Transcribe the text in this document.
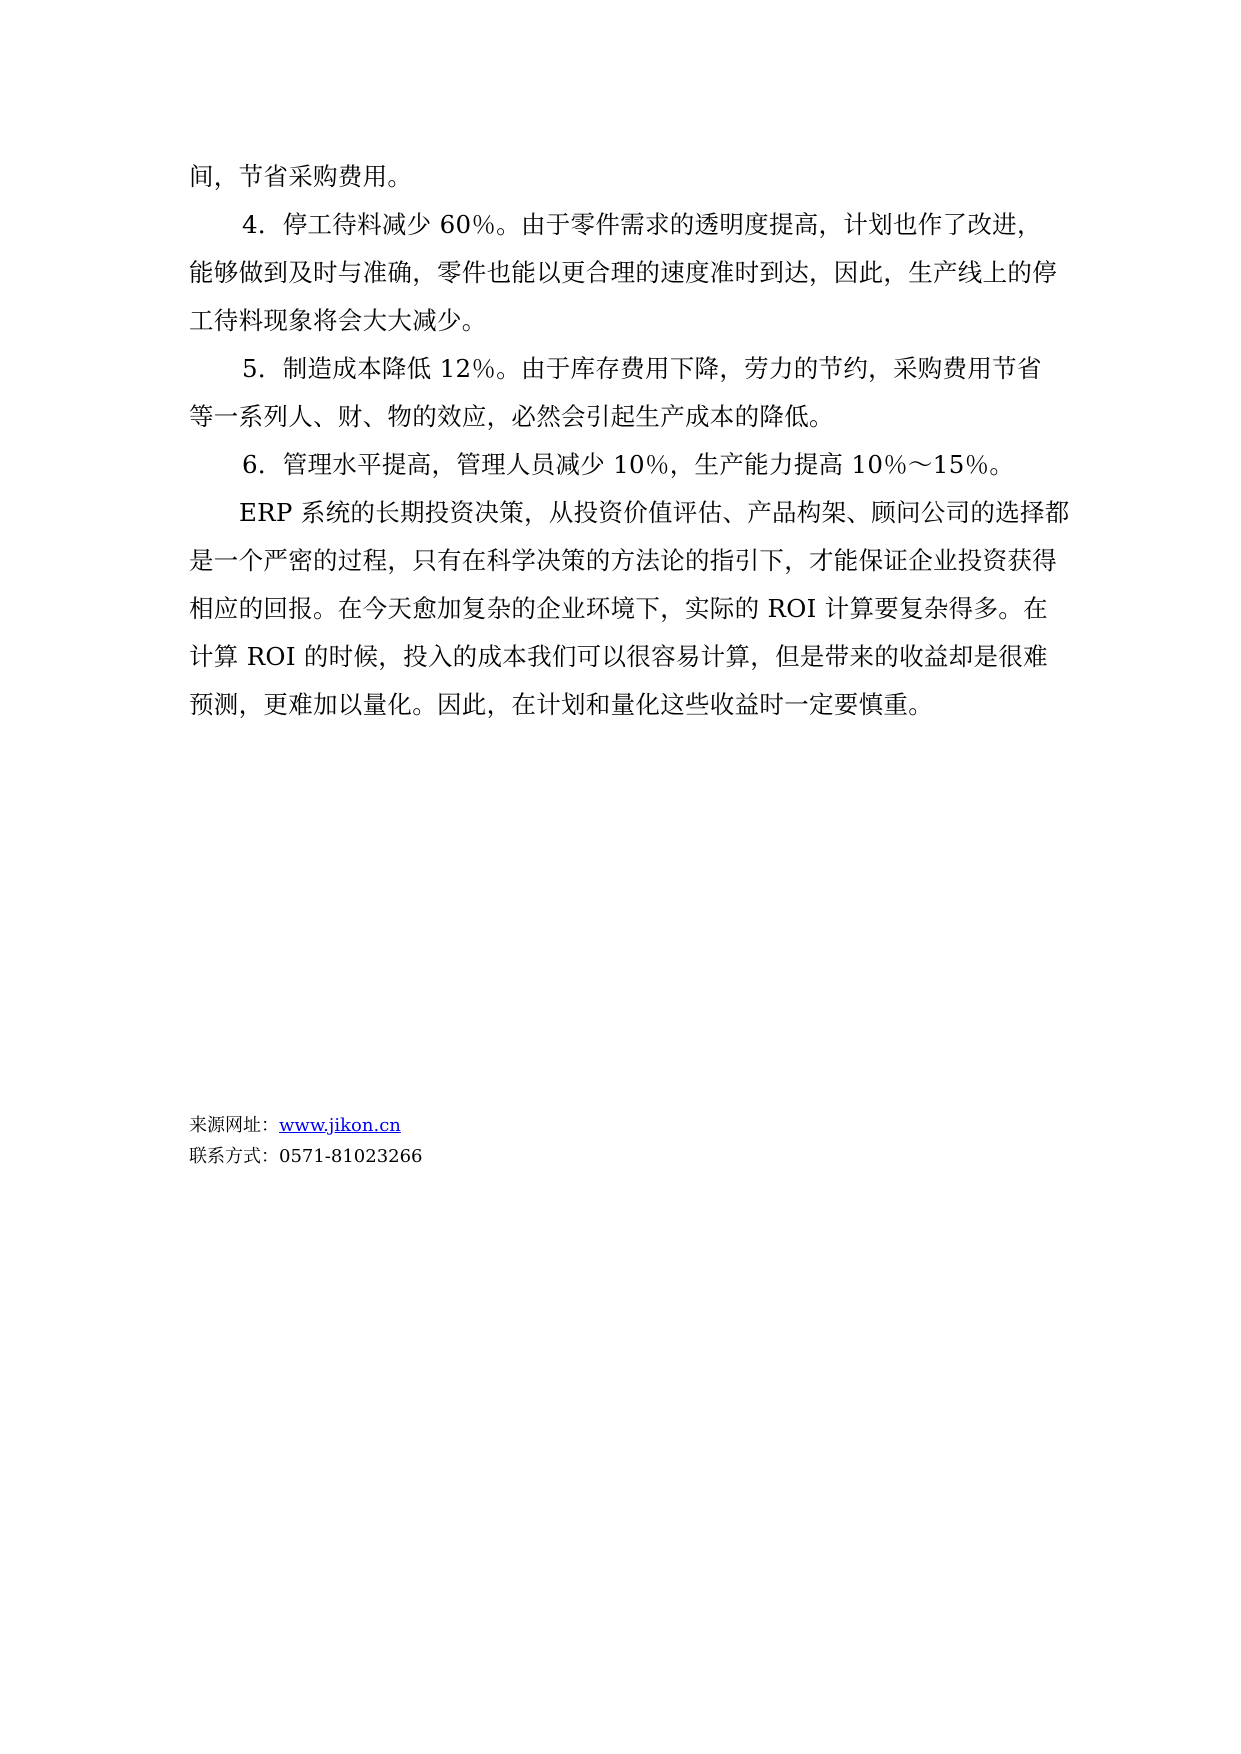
间，节省采购费用。
4．停工待料减少 60％。由于零件需求的透明度提高，计划也作了改进，
能够做到及时与准确，零件也能以更合理的速度准时到达，因此，生产线上的停
工待料现象将会大大减少。
5．制造成本降低 12％。由于库存费用下降，劳力的节约，采购费用节省
等一系列人、财、物的效应，必然会引起生产成本的降低。
6．管理水平提高，管理人员减少 10％，生产能力提高 10％～15％。
ERP 系统的长期投资决策，从投资价值评估、产品构架、顾问公司的选择都
是一个严密的过程，只有在科学决策的方法论的指引下，才能保证企业投资获得
相应的回报。在今天愈加复杂的企业环境下，实际的 ROI 计算要复杂得多。在
计算 ROI 的时候，投入的成本我们可以很容易计算，但是带来的收益却是很难
预测，更难加以量化。因此，在计划和量化这些收益时一定要慎重。
来源网址：www.jikon.cn
联系方式：0571-81023266
